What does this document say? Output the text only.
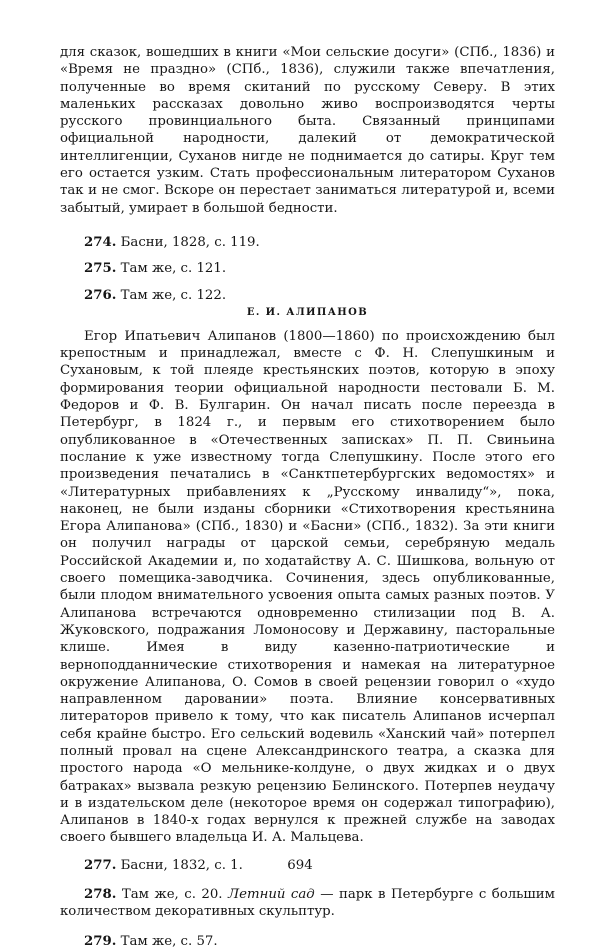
для сказок, вошедших в книги «Мои сельские досуги» (СПб., 1836) и «Время не праздно» (СПб., 1836), служили также впечатления, полученные во время скитаний по русскому Северу. В этих маленьких рассказах довольно живо воспроизводятся черты русского провинциального быта. Связанный принципами официальной народности, далекий от демократической интеллигенции, Суханов нигде не поднимается до сатиры. Круг тем его остается узким. Стать профессиональным литератором Суханов так и не смог. Вскоре он перестает заниматься литературой и, всеми забытый, умирает в большой бедности.

274. Басни, 1828, с. 119.

275. Там же, с. 121.

276. Там же, с. 122.

Е. И. АЛИПАНОВ

Егор Ипатьевич Алипанов (1800—1860) по происхождению был крепостным и принадлежал, вместе с Ф. Н. Слепушкиным и Сухановым, к той плеяде крестьянских поэтов, которую в эпоху формирования теории официальной народности пестовали Б. М. Федоров и Ф. В. Булгарин. Он начал писать после переезда в Петербург, в 1824 г., и первым его стихотворением было опубликованное в «Отечественных записках» П. П. Свиньина послание к уже известному тогда Слепушкину. После этого его произведения печатались в «Санктпетербургских ведомостях» и «Литературных прибавлениях к „Русскому инвалиду“», пока, наконец, не были изданы сборники «Стихотворения крестьянина Егора Алипанова» (СПб., 1830) и «Басни» (СПб., 1832). За эти книги он получил награды от царской семьи, серебряную медаль Российской Академии и, по ходатайству А. С. Шишкова, вольную от своего помещика-заводчика. Сочинения, здесь опубликованные, были плодом внимательного усвоения опыта самых разных поэтов. У Алипанова встречаются одновременно стилизации под В. А. Жуковского, подражания Ломоносову и Державину, пасторальные клише. Имея в виду казенно-патриотические и верноподданнические стихотворения и намекая на литературное окружение Алипанова, О. Сомов в своей рецензии говорил о «худо направленном даровании» поэта. Влияние консервативных литераторов привело к тому, что как писатель Алипанов исчерпал себя крайне быстро. Его сельский водевиль «Ханский чай» потерпел полный провал на сцене Александринского театра, а сказка для простого народа «О мельнике-колдуне, о двух жидках и о двух батраках» вызвала резкую рецензию Белинского. Потерпев неудачу и в издательском деле (некоторое время он содержал типографию), Алипанов в 1840-х годах вернулся к прежней службе на заводах своего бывшего владельца И. А. Мальцева.

277. Басни, 1832, с. 1.

278. Там же, с. 20. Летний сад — парк в Петербурге с большим количеством декоративных скульптур.

279. Там же, с. 57.

694
